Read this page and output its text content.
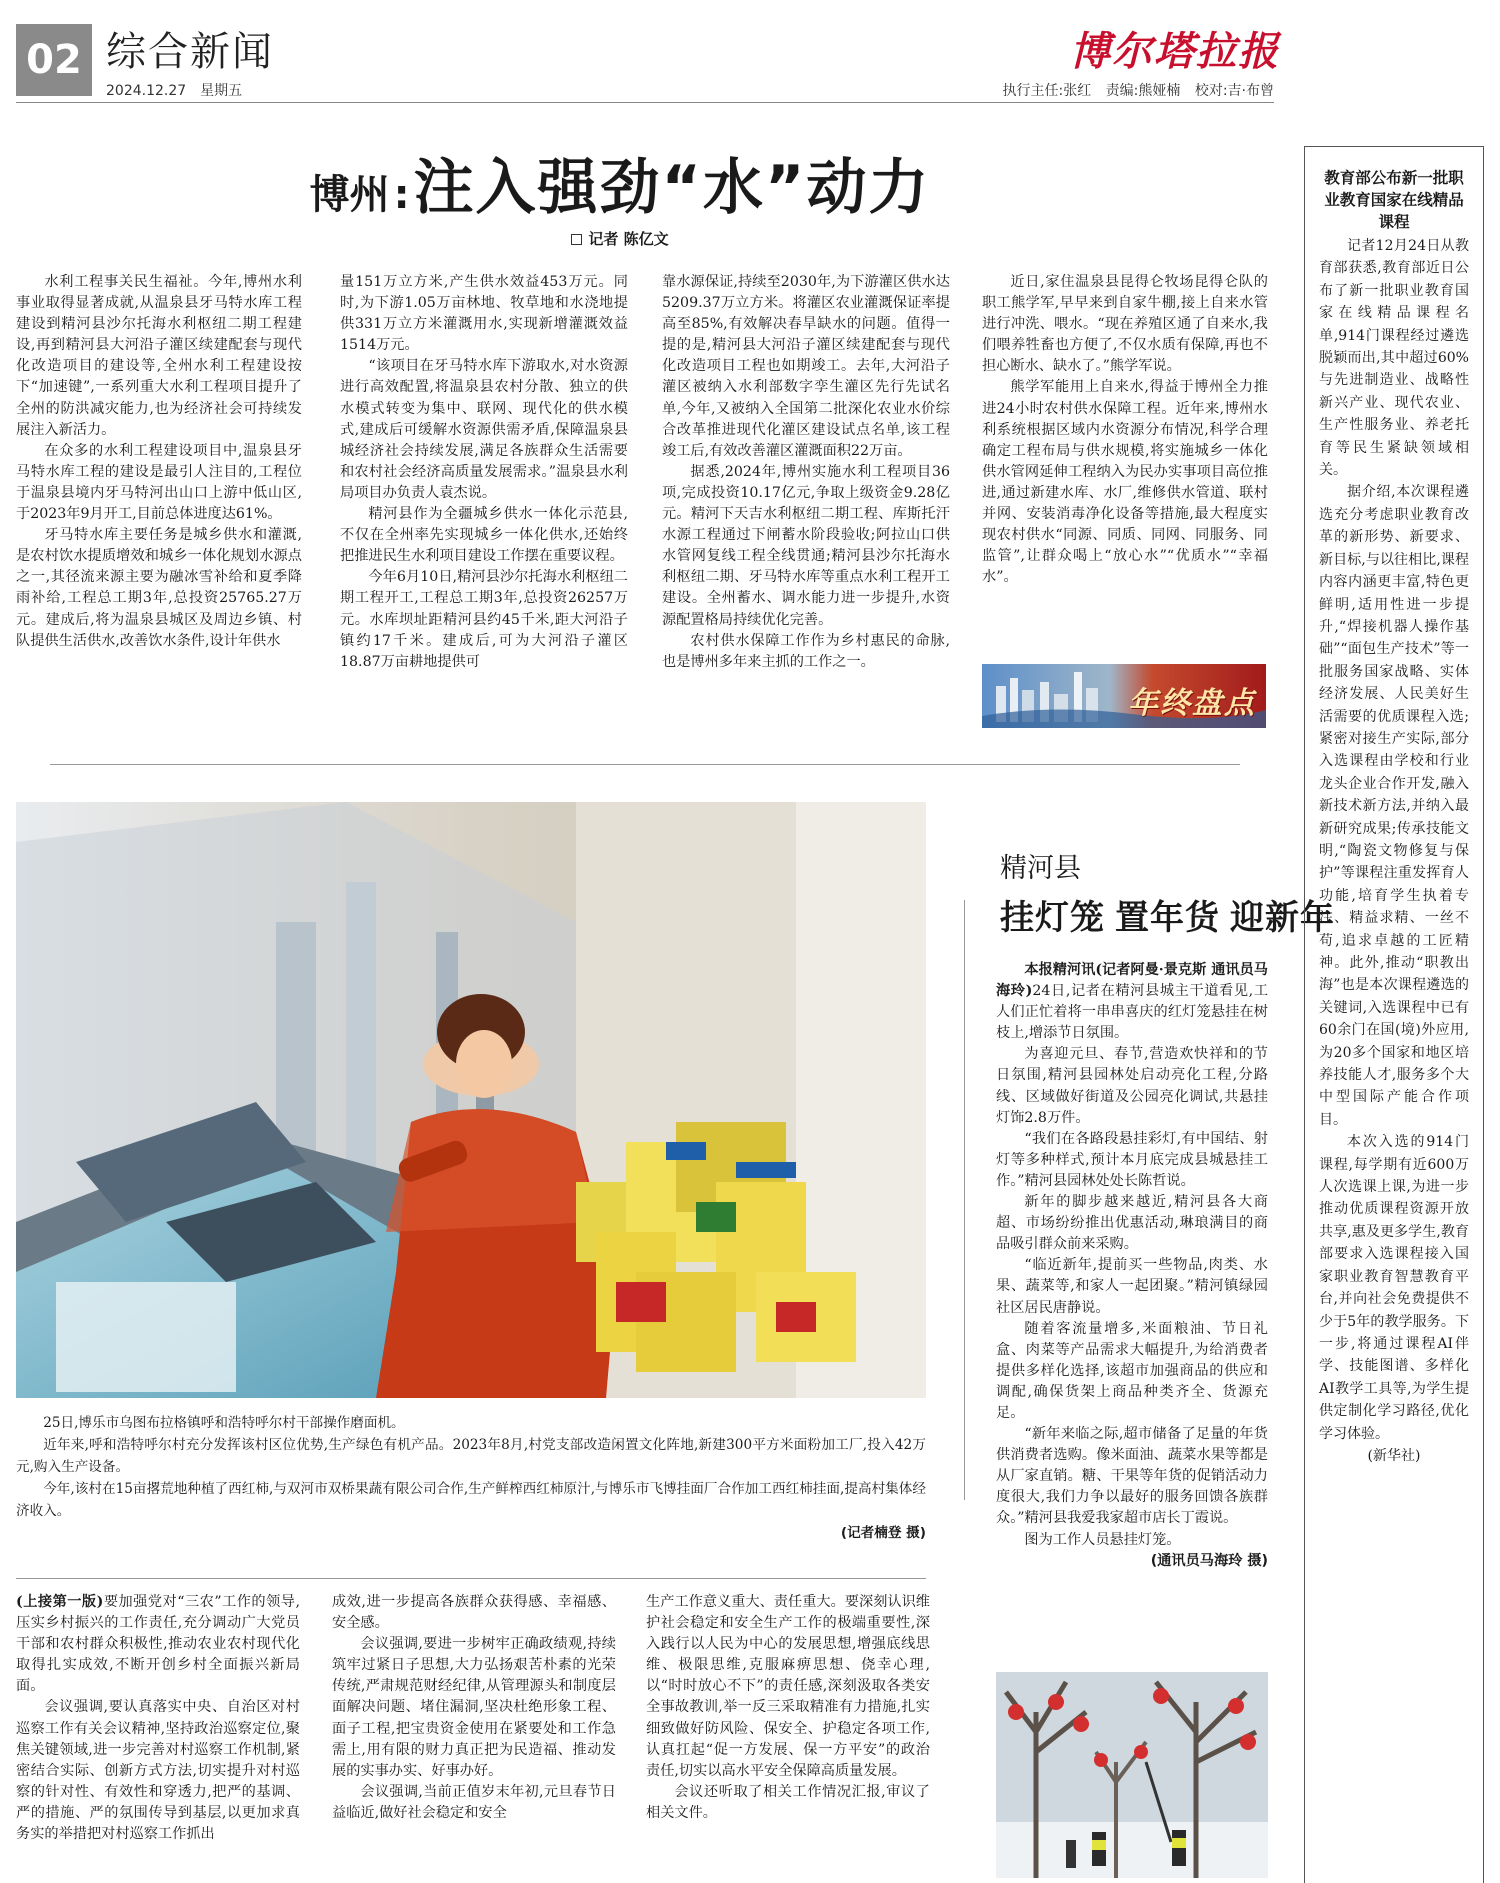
02 综合新闻
2024.12.27 星期五
博尔塔拉报
执行主任:张红 责编:熊娅楠 校对:吉·布曾
博州 :注入强劲“水”动力
记者 陈亿文

水利工程事关民生福祉。今年,博州水利事业取得显著成就,从温泉县牙马特水库工程建设到精河县沙尔托海水利枢纽二期工程建设,再到精河县大河沿子灌区续建配套与现代化改造项目的建设等,全州水利工程建设按下“加速键”,一系列重大水利工程项目提升了全州的防洪减灾能力,也为经济社会可持续发展注入新活力。

在众多的水利工程建设项目中,温泉县牙马特水库工程的建设是最引人注目的,工程位于温泉县境内牙马特河出山口上游中低山区,于2023年9月开工,目前总体进度达61%。

牙马特水库主要任务是城乡供水和灌溉,是农村饮水提质增效和城乡一体化规划水源点之一,其径流来源主要为融冰雪补给和夏季降雨补给,工程总工期3年,总投资25765.27万元。建成后,将为温泉县城区及周边乡镇、村队提供生活供水,改善饮水条件,设计年供水

量151万立方米,产生供水效益453万元。同时,为下游1.05万亩林地、牧草地和水浇地提供331万立方米灌溉用水,实现新增灌溉效益1514万元。

“该项目在牙马特水库下游取水,对水资源进行高效配置,将温泉县农村分散、独立的供水模式转变为集中、联网、现代化的供水模式,建成后可缓解水资源供需矛盾,保障温泉县城经济社会持续发展,满足各族群众生活需要和农村社会经济高质量发展需求。”温泉县水利局项目办负责人袁杰说。

精河县作为全疆城乡供水一体化示范县,不仅在全州率先实现城乡一体化供水,还始终把推进民生水利项目建设工作摆在重要议程。

今年6月10日,精河县沙尔托海水利枢纽二期工程开工,工程总工期3年,总投资26257万元。水库坝址距精河县约45千米,距大河沿子镇约17千米。建成后,可为大河沿子灌区18.87万亩耕地提供可

靠水源保证,持续至2030年,为下游灌区供水达5209.37万立方米。将灌区农业灌溉保证率提高至85%,有效解决春旱缺水的问题。值得一提的是,精河县大河沿子灌区续建配套与现代化改造项目工程也如期竣工。去年,大河沿子灌区被纳入水利部数字孪生灌区先行先试名单,今年,又被纳入全国第二批深化农业水价综合改革推进现代化灌区建设试点名单,该工程竣工后,有效改善灌区灌溉面积22万亩。

据悉,2024年,博州实施水利工程项目36项,完成投资10.17亿元,争取上级资金9.28亿元。精河下天吉水利枢纽二期工程、库斯托汗水源工程通过下闸蓄水阶段验收;阿拉山口供水管网复线工程全线贯通;精河县沙尔托海水利枢纽二期、牙马特水库等重点水利工程开工建设。全州蓄水、调水能力进一步提升,水资源配置格局持续优化完善。

农村供水保障工作作为乡村惠民的命脉,也是博州多年来主抓的工作之一。

近日,家住温泉县昆得仑牧场昆得仑队的职工熊学军,早早来到自家牛棚,接上自来水管进行冲洗、喂水。“现在养殖区通了自来水,我们喂养牲畜也方便了,不仅水质有保障,再也不担心断水、缺水了。”熊学军说。

熊学军能用上自来水,得益于博州全力推进24小时农村供水保障工程。近年来,博州水利系统根据区域内水资源分布情况,科学合理确定工程布局与供水规模,将实施城乡一体化供水管网延伸工程纳入为民办实事项目高位推进,通过新建水库、水厂,维修供水管道、联村并网、安装消毒净化设备等措施,最大程度实现农村供水“同源、同质、同网、同服务、同监管”,让群众喝上“放心水”“优质水”“幸福水”。

年终盘点

25日,博乐市乌图布拉格镇呼和浩特呼尔村干部操作磨面机。

近年来,呼和浩特呼尔村充分发挥该村区位优势,生产绿色有机产品。2023年8月,村党支部改造闲置文化阵地,新建300平方米面粉加工厂,投入42万元,购入生产设备。

今年,该村在15亩撂荒地种植了西红柿,与双河市双桥果蔬有限公司合作,生产鲜榨西红柿原汁,与博乐市飞博挂面厂合作加工西红柿挂面,提高村集体经济收入。

(记者楠登 摄)

精河县
挂灯笼 置年货 迎新年

本报精河讯(记者阿曼·景克斯 通讯员马海玲)24日,记者在精河县城主干道看见,工人们正忙着将一串串喜庆的红灯笼悬挂在树枝上,增添节日氛围。

为喜迎元旦、春节,营造欢快祥和的节日氛围,精河县园林处启动亮化工程,分路线、区域做好街道及公园亮化调试,共悬挂灯饰2.8万件。

“我们在各路段悬挂彩灯,有中国结、射灯等多种样式,预计本月底完成县城悬挂工作。”精河县园林处处长陈哲说。

新年的脚步越来越近,精河县各大商超、市场纷纷推出优惠活动,琳琅满目的商品吸引群众前来采购。

“临近新年,提前买一些物品,肉类、水果、蔬菜等,和家人一起团聚。”精河镇绿园社区居民唐静说。

随着客流量增多,米面粮油、节日礼盒、肉菜等产品需求大幅提升,为给消费者提供多样化选择,该超市加强商品的供应和调配,确保货架上商品种类齐全、货源充足。

“新年来临之际,超市储备了足量的年货供消费者选购。像米面油、蔬菜水果等都是从厂家直销。糖、干果等年货的促销活动力度很大,我们力争以最好的服务回馈各族群众。”精河县我爱我家超市店长丁霞说。

图为工作人员悬挂灯笼。

(通讯员马海玲 摄)

(上接第一版)要加强党对“三农”工作的领导,压实乡村振兴的工作责任,充分调动广大党员干部和农村群众积极性,推动农业农村现代化取得扎实成效,不断开创乡村全面振兴新局面。

会议强调,要认真落实中央、自治区对村巡察工作有关会议精神,坚持政治巡察定位,聚焦关键领域,进一步完善对村巡察工作机制,紧密结合实际、创新方式方法,切实提升对村巡察的针对性、有效性和穿透力,把严的基调、严的措施、严的氛围传导到基层,以更加求真务实的举措把对村巡察工作抓出

成效,进一步提高各族群众获得感、幸福感、安全感。

会议强调,要进一步树牢正确政绩观,持续筑牢过紧日子思想,大力弘扬艰苦朴素的光荣传统,严肃规范财经纪律,从管理源头和制度层面解决问题、堵住漏洞,坚决杜绝形象工程、面子工程,把宝贵资金使用在紧要处和工作急需上,用有限的财力真正把为民造福、推动发展的实事办实、好事办好。

会议强调,当前正值岁末年初,元旦春节日益临近,做好社会稳定和安全

生产工作意义重大、责任重大。要深刻认识维护社会稳定和安全生产工作的极端重要性,深入践行以人民为中心的发展思想,增强底线思维、极限思维,克服麻痹思想、侥幸心理,以“时时放心不下”的责任感,深刻汲取各类安全事故教训,举一反三采取精准有力措施,扎实细致做好防风险、保安全、护稳定各项工作,认真扛起“促一方发展、保一方平安”的政治责任,切实以高水平安全保障高质量发展。

会议还听取了相关工作情况汇报,审议了相关文件。

教育部公布新一批职业教育国家在线精品课程

记者12月24日从教育部获悉,教育部近日公布了新一批职业教育国家在线精品课程名单,914门课程经过遴选脱颖而出,其中超过60%与先进制造业、战略性新兴产业、现代农业、生产性服务业、养老托育等民生紧缺领域相关。

据介绍,本次课程遴选充分考虑职业教育改革的新形势、新要求、新目标,与以往相比,课程内容内涵更丰富,特色更鲜明,适用性进一步提升,“焊接机器人操作基础”“面包生产技术”等一批服务国家战略、实体经济发展、人民美好生活需要的优质课程入选;紧密对接生产实际,部分入选课程由学校和行业龙头企业合作开发,融入新技术新方法,并纳入最新研究成果;传承技能文明,“陶瓷文物修复与保护”等课程注重发挥育人功能,培育学生执着专注、精益求精、一丝不苟,追求卓越的工匠精神。此外,推动“职教出海”也是本次课程遴选的关键词,入选课程中已有60余门在国(境)外应用,为20多个国家和地区培养技能人才,服务多个大中型国际产能合作项目。

本次入选的914门课程,每学期有近600万人次选课上课,为进一步推动优质课程资源开放共享,惠及更多学生,教育部要求入选课程接入国家职业教育智慧教育平台,并向社会免费提供不少于5年的教学服务。下一步,将通过课程AI伴学、技能图谱、多样化AI教学工具等,为学生提供定制化学习路径,优化学习体验。

(新华社)
